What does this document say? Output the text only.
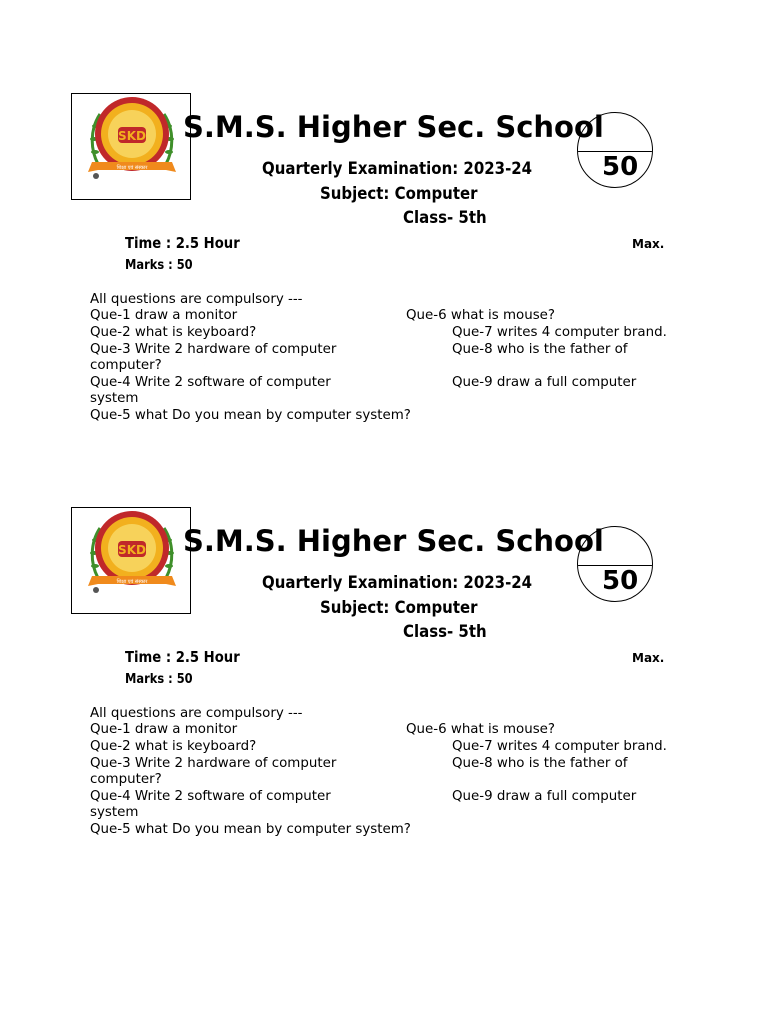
SKD
शिक्षा एवं संस्कार
S.M.S. Higher Sec. School
Quarterly Examination: 2023-24
Subject: Computer
Class- 5th
50
Time : 2.5 Hour	Max.
Marks : 50
All questions are compulsory ---
Que-1 draw a monitor	Que-6 what is mouse?
Que-2 what is keyboard?	Que-7 writes 4 computer brand.
Que-3 Write 2 hardware of computer	Que-8 who is the father of
computer?
Que-4 Write 2 software of computer	Que-9 draw a full computer
system
Que-5 what Do you mean by computer system?
SKD
शिक्षा एवं संस्कार
S.M.S. Higher Sec. School
Quarterly Examination: 2023-24
Subject: Computer
Class- 5th
50
Time : 2.5 Hour	Max.
Marks : 50
All questions are compulsory ---
Que-1 draw a monitor	Que-6 what is mouse?
Que-2 what is keyboard?	Que-7 writes 4 computer brand.
Que-3 Write 2 hardware of computer	Que-8 who is the father of
computer?
Que-4 Write 2 software of computer	Que-9 draw a full computer
system
Que-5 what Do you mean by computer system?
